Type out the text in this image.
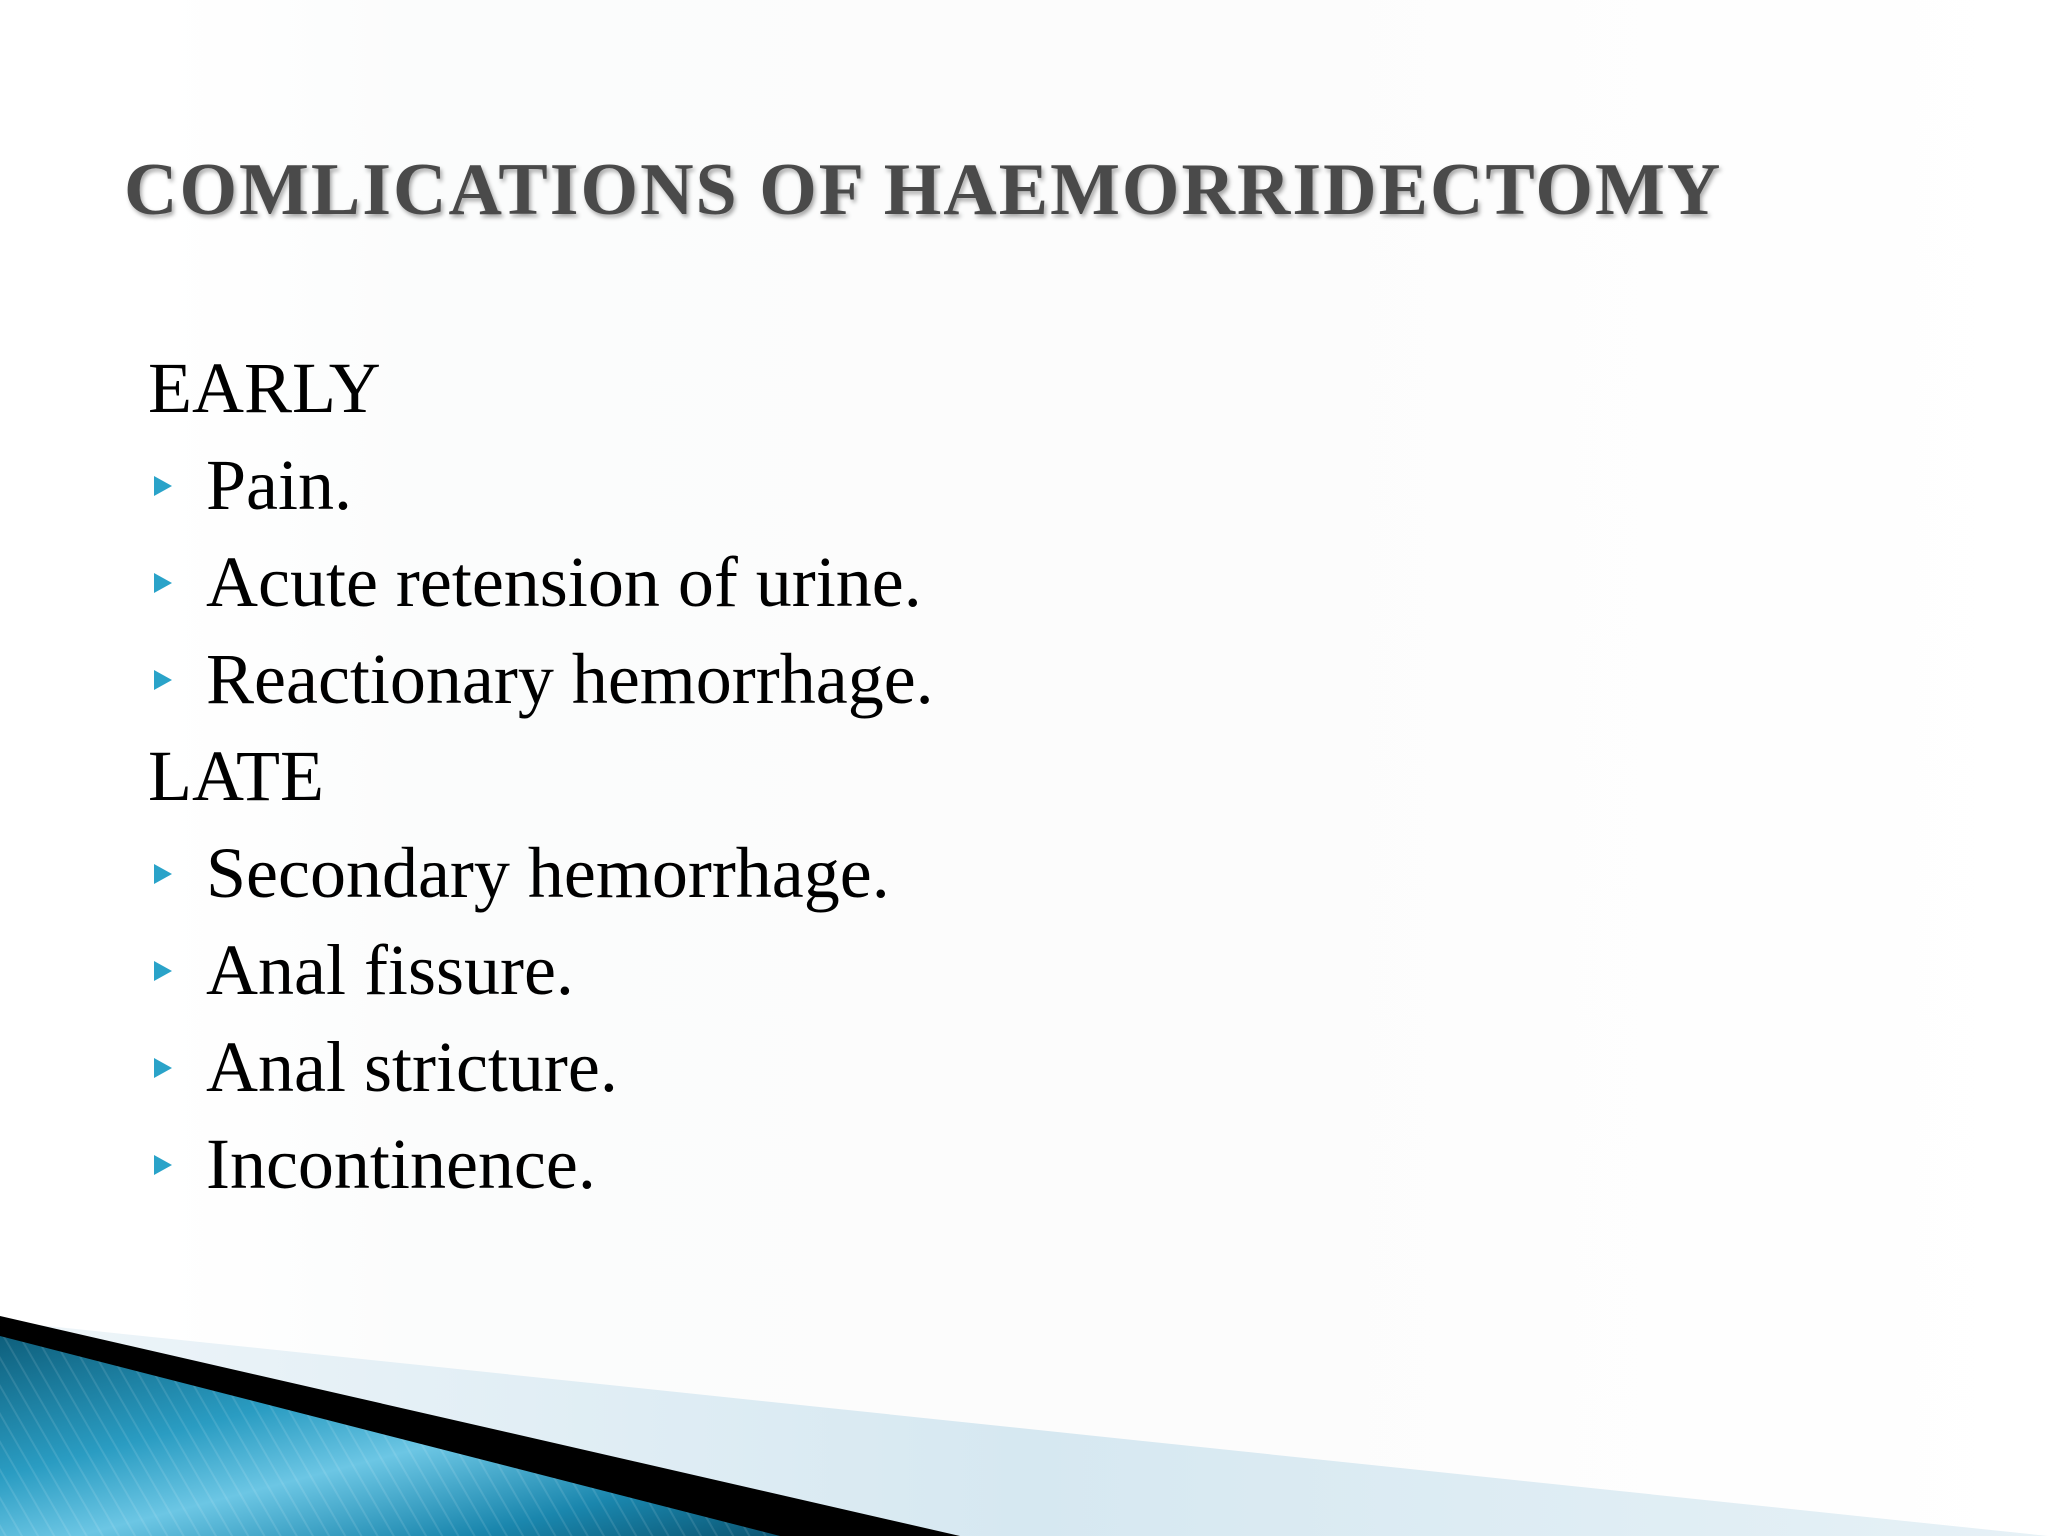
COMLICATIONS OF HAEMORRIDECTOMY
EARLY
Pain.
Acute retension of urine.
Reactionary hemorrhage.
LATE
Secondary hemorrhage.
Anal fissure.
Anal stricture.
Incontinence.
